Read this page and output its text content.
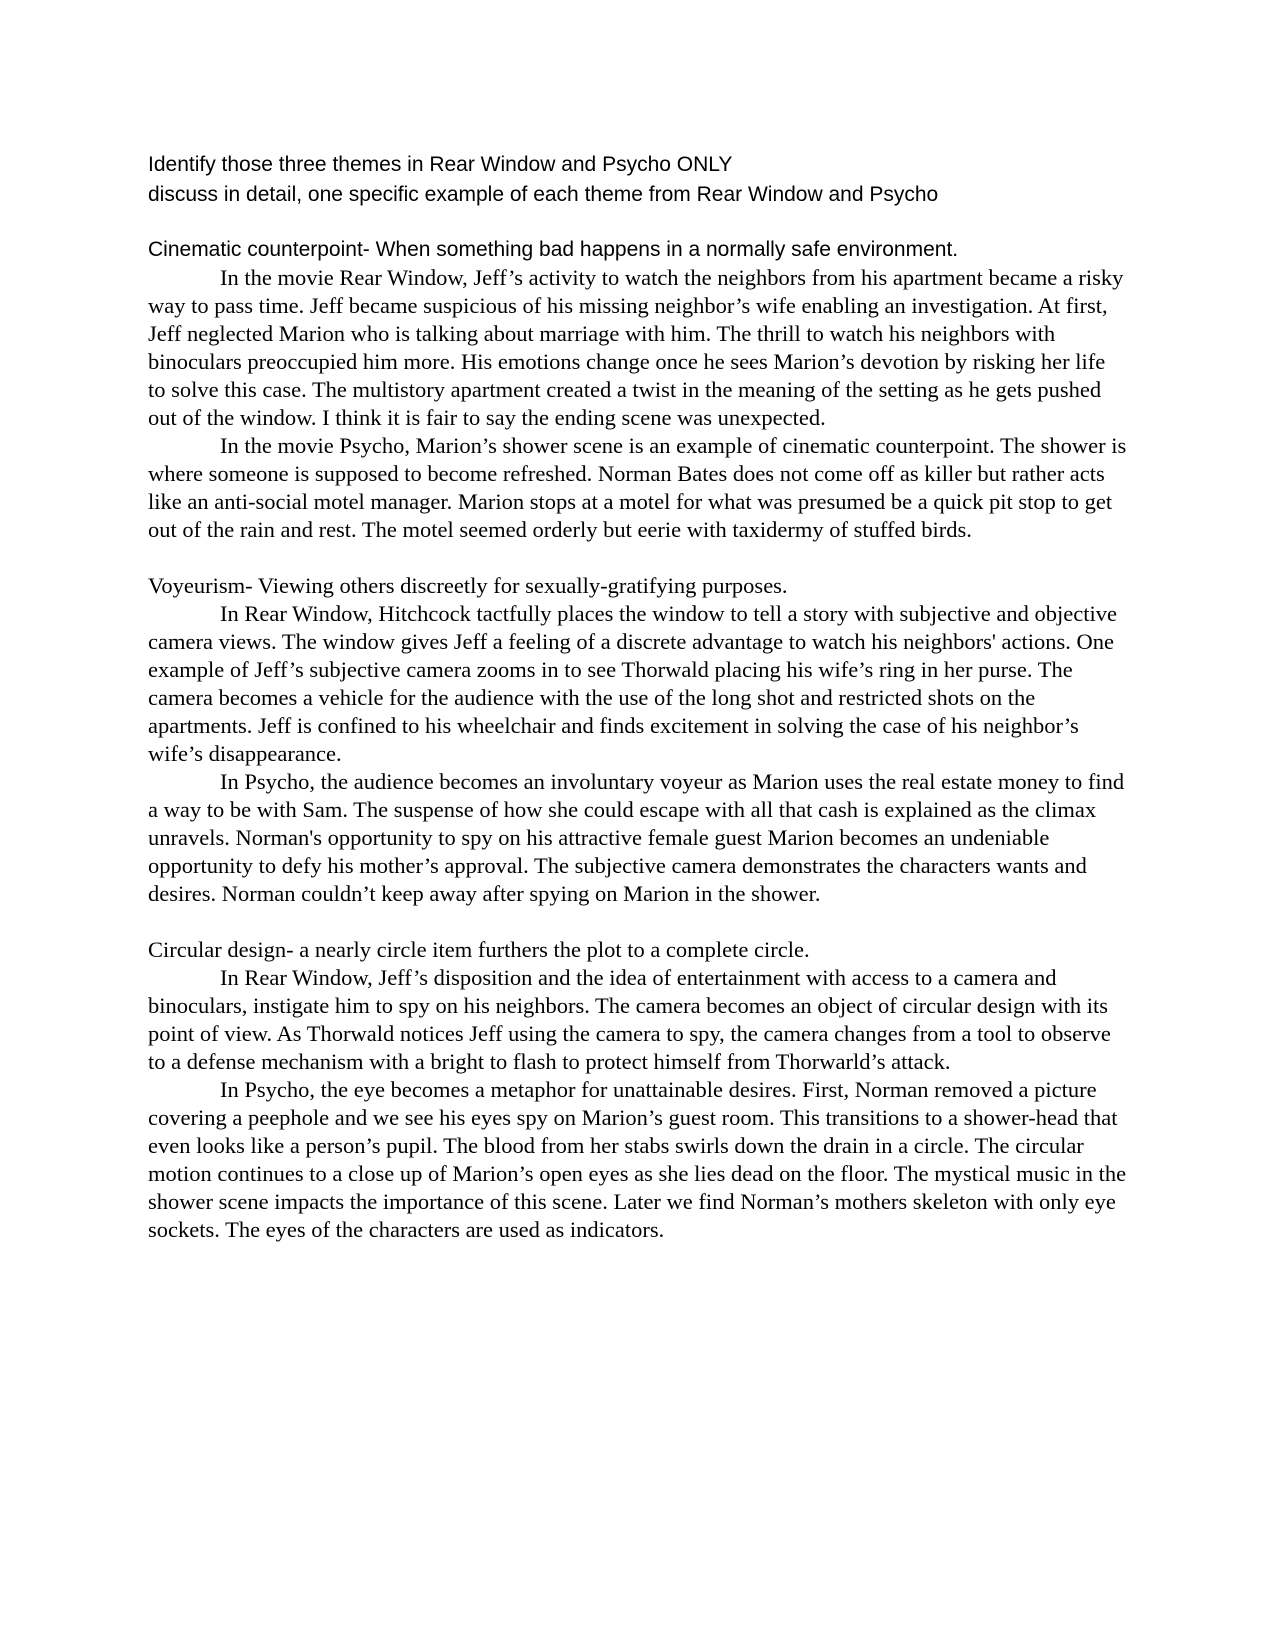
Identify those three themes in Rear Window and Psycho ONLY
discuss in detail, one specific example of each theme from Rear Window and Psycho

Cinematic counterpoint- When something bad happens in a normally safe environment.

In the movie Rear Window, Jeff’s activity to watch the neighbors from his apartment became a risky way to pass time. Jeff became suspicious of his missing neighbor’s wife enabling an investigation. At first, Jeff neglected Marion who is talking about marriage with him. The thrill to watch his neighbors with binoculars preoccupied him more. His emotions change once he sees Marion’s devotion by risking her life to solve this case. The multistory apartment created a twist in the meaning of the setting as he gets pushed out of the window. I think it is fair to say the ending scene was unexpected.

In the movie Psycho, Marion’s shower scene is an example of cinematic counterpoint. The shower is where someone is supposed to become refreshed. Norman Bates does not come off as killer but rather acts like an anti-social motel manager. Marion stops at a motel for what was presumed be a quick pit stop to get out of the rain and rest. The motel seemed orderly but eerie with taxidermy of stuffed birds.

Voyeurism- Viewing others discreetly for sexually-gratifying purposes.

In Rear Window, Hitchcock tactfully places the window to tell a story with subjective and objective camera views. The window gives Jeff a feeling of a discrete advantage to watch his neighbors' actions. One example of Jeff’s subjective camera zooms in to see Thorwald placing his wife’s ring in her purse. The camera becomes a vehicle for the audience with the use of the long shot and restricted shots on the apartments. Jeff is confined to his wheelchair and finds excitement in solving the case of his neighbor’s wife’s disappearance.

In Psycho, the audience becomes an involuntary voyeur as Marion uses the real estate money to find a way to be with Sam. The suspense of how she could escape with all that cash is explained as the climax unravels. Norman's opportunity to spy on his attractive female guest Marion becomes an undeniable opportunity to defy his mother’s approval. The subjective camera demonstrates the characters wants and desires. Norman couldn’t keep away after spying on Marion in the shower.

Circular design- a nearly circle item furthers the plot to a complete circle.

In Rear Window, Jeff’s disposition and the idea of entertainment with access to a camera and binoculars, instigate him to spy on his neighbors. The camera becomes an object of circular design with its point of view. As Thorwald notices Jeff using the camera to spy, the camera changes from a tool to observe to a defense mechanism with a bright to flash to protect himself from Thorwarld’s attack.

In Psycho, the eye becomes a metaphor for unattainable desires. First, Norman removed a picture covering a peephole and we see his eyes spy on Marion’s guest room. This transitions to a shower-head that even looks like a person’s pupil. The blood from her stabs swirls down the drain in a circle. The circular motion continues to a close up of Marion’s open eyes as she lies dead on the floor. The mystical music in the shower scene impacts the importance of this scene. Later we find Norman’s mothers skeleton with only eye sockets. The eyes of the characters are used as indicators.
